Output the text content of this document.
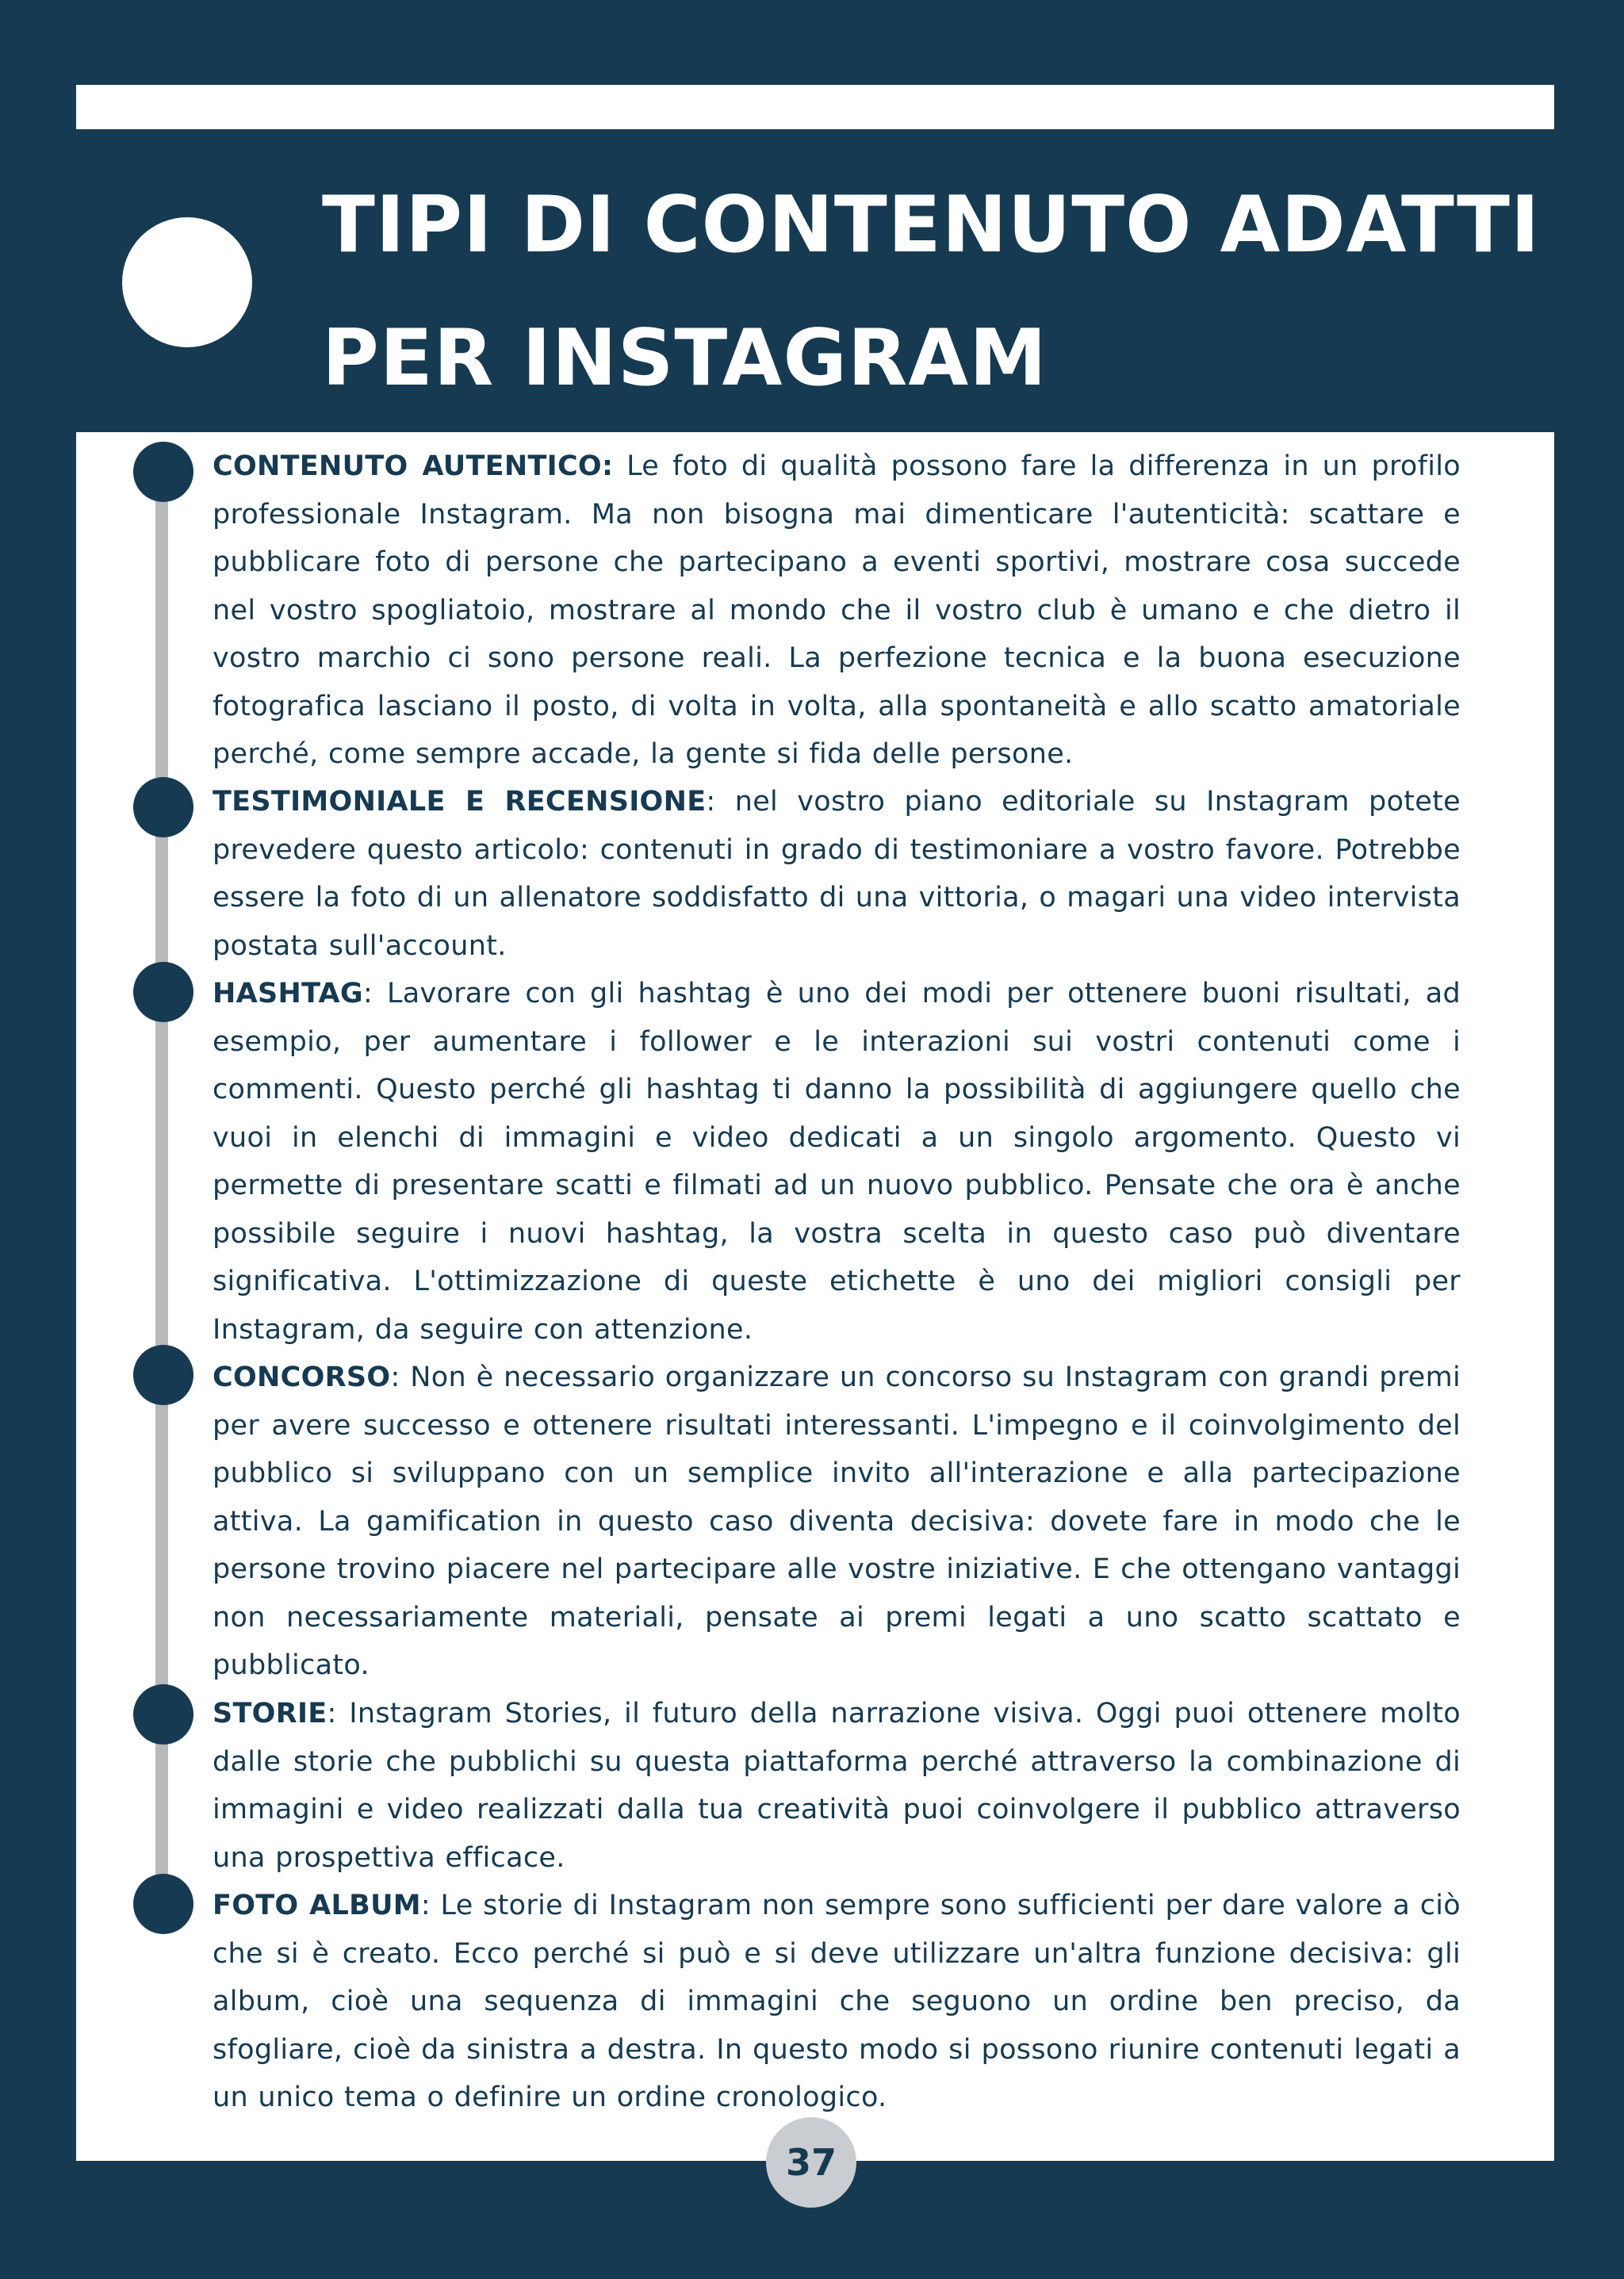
TIPI DI CONTENUTO ADATTI PER INSTAGRAM

CONTENUTO AUTENTICO: Le foto di qualità possono fare la differenza in un profilo professionale Instagram. Ma non bisogna mai dimenticare l'autenticità: scattare e pubblicare foto di persone che partecipano a eventi sportivi, mostrare cosa succede nel vostro spogliatoio, mostrare al mondo che il vostro club è umano e che dietro il vostro marchio ci sono persone reali. La perfezione tecnica e la buona esecuzione fotografica lasciano il posto, di volta in volta, alla spontaneità e allo scatto amatoriale perché, come sempre accade, la gente si fida delle persone.

TESTIMONIALE E RECENSIONE: nel vostro piano editoriale su Instagram potete prevedere questo articolo: contenuti in grado di testimoniare a vostro favore. Potrebbe essere la foto di un allenatore soddisfatto di una vittoria, o magari una video intervista postata sull'account.

HASHTAG: Lavorare con gli hashtag è uno dei modi per ottenere buoni risultati, ad esempio, per aumentare i follower e le interazioni sui vostri contenuti come i commenti. Questo perché gli hashtag ti danno la possibilità di aggiungere quello che vuoi in elenchi di immagini e video dedicati a un singolo argomento. Questo vi permette di presentare scatti e filmati ad un nuovo pubblico. Pensate che ora è anche possibile seguire i nuovi hashtag, la vostra scelta in questo caso può diventare significativa. L'ottimizzazione di queste etichette è uno dei migliori consigli per Instagram, da seguire con attenzione.

CONCORSO: Non è necessario organizzare un concorso su Instagram con grandi premi per avere successo e ottenere risultati interessanti. L'impegno e il coinvolgimento del pubblico si sviluppano con un semplice invito all'interazione e alla partecipazione attiva. La gamification in questo caso diventa decisiva: dovete fare in modo che le persone trovino piacere nel partecipare alle vostre iniziative. E che ottengano vantaggi non necessariamente materiali, pensate ai premi legati a uno scatto scattato e pubblicato.

STORIE: Instagram Stories, il futuro della narrazione visiva. Oggi puoi ottenere molto dalle storie che pubblichi su questa piattaforma perché attraverso la combinazione di immagini e video realizzati dalla tua creatività puoi coinvolgere il pubblico attraverso una prospettiva efficace.

FOTO ALBUM: Le storie di Instagram non sempre sono sufficienti per dare valore a ciò che si è creato. Ecco perché si può e si deve utilizzare un'altra funzione decisiva: gli album, cioè una sequenza di immagini che seguono un ordine ben preciso, da sfogliare, cioè da sinistra a destra. In questo modo si possono riunire contenuti legati a un unico tema o definire un ordine cronologico.

37
